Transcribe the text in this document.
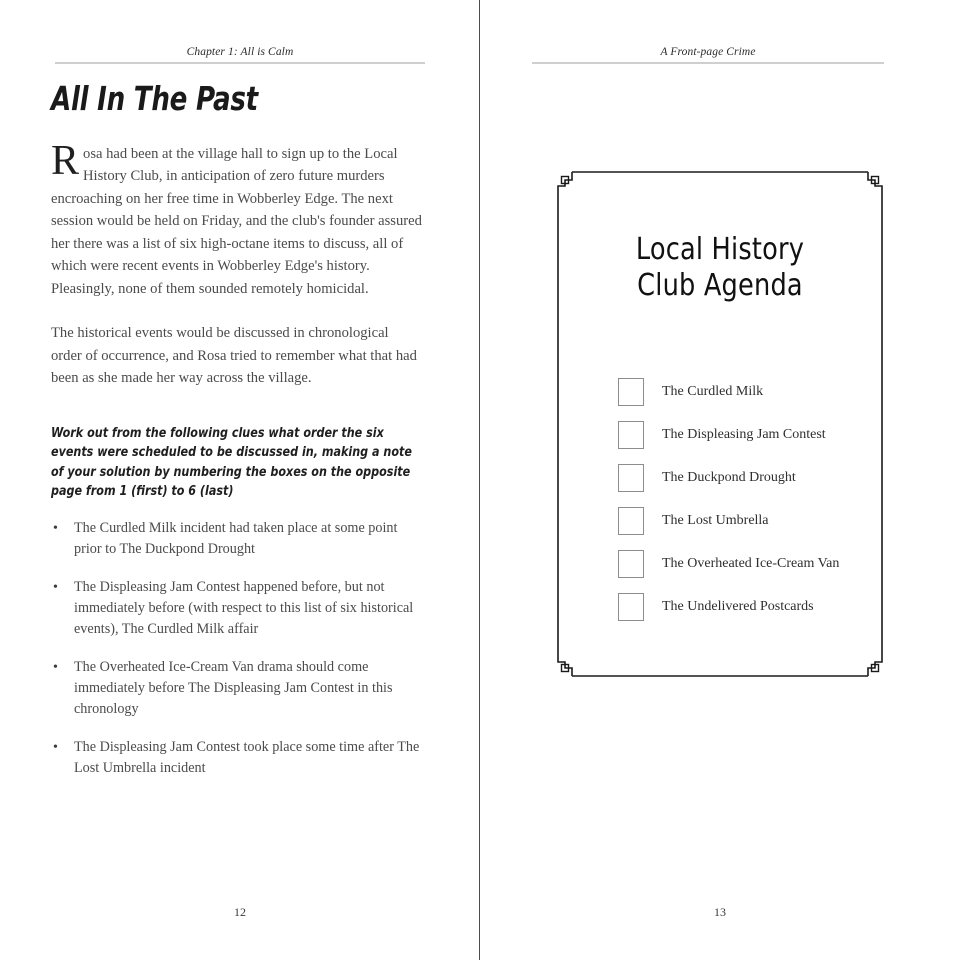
Chapter 1: All is Calm
All In The Past

Rosa had been at the village hall to sign up to the Local History Club, in anticipation of zero future murders encroaching on her free time in Wobberley Edge. The next session would be held on Friday, and the club's founder assured her there was a list of six high-octane items to discuss, all of which were recent events in Wobberley Edge's history. Pleasingly, none of them sounded remotely homicidal.

The historical events would be discussed in chronological order of occurrence, and Rosa tried to remember what that had been as she made her way across the village.

Work out from the following clues what order the six events were scheduled to be discussed in, making a note of your solution by numbering the boxes on the opposite page from 1 (first) to 6 (last)

• The Curdled Milk incident had taken place at some point prior to The Duckpond Drought
• The Displeasing Jam Contest happened before, but not immediately before (with respect to this list of six historical events), The Curdled Milk affair
• The Overheated Ice-Cream Van drama should come immediately before The Displeasing Jam Contest in this chronology
• The Displeasing Jam Contest took place some time after The Lost Umbrella incident
12
A Front-page Crime
Local History
Club Agenda
The Curdled Milk
The Displeasing Jam Contest
The Duckpond Drought
The Lost Umbrella
The Overheated Ice-Cream Van
The Undelivered Postcards
13
